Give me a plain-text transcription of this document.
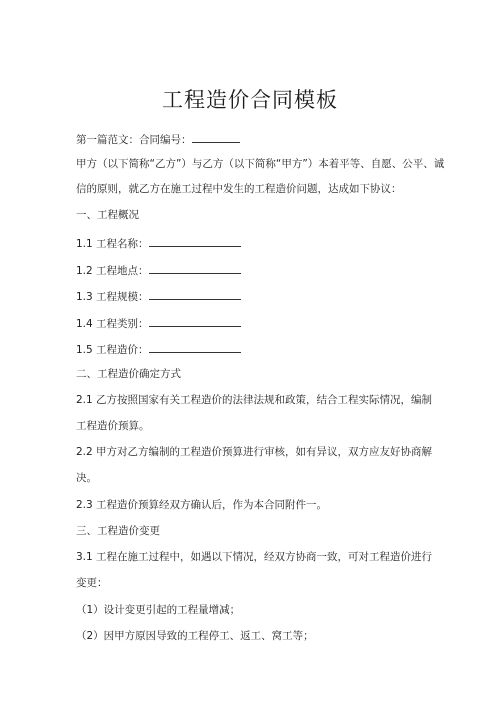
工程造价合同模板
第一篇范文：合同编号：
甲方（以下简称“乙方”）与乙方（以下简称“甲方”）本着平等、自愿、公平、诚
信的原则，就乙方在施工过程中发生的工程造价问题，达成如下协议：
一、工程概况
1.1 工程名称：
1.2 工程地点：
1.3 工程规模：
1.4 工程类别：
1.5 工程造价：
二、工程造价确定方式
2.1 乙方按照国家有关工程造价的法律法规和政策，结合工程实际情况，编制
工程造价预算。
2.2 甲方对乙方编制的工程造价预算进行审核，如有异议，双方应友好协商解
决。
2.3 工程造价预算经双方确认后，作为本合同附件一。
三、工程造价变更
3.1 工程在施工过程中，如遇以下情况，经双方协商一致，可对工程造价进行
变更：
（1）设计变更引起的工程量增减；
（2）因甲方原因导致的工程停工、返工、窝工等；
